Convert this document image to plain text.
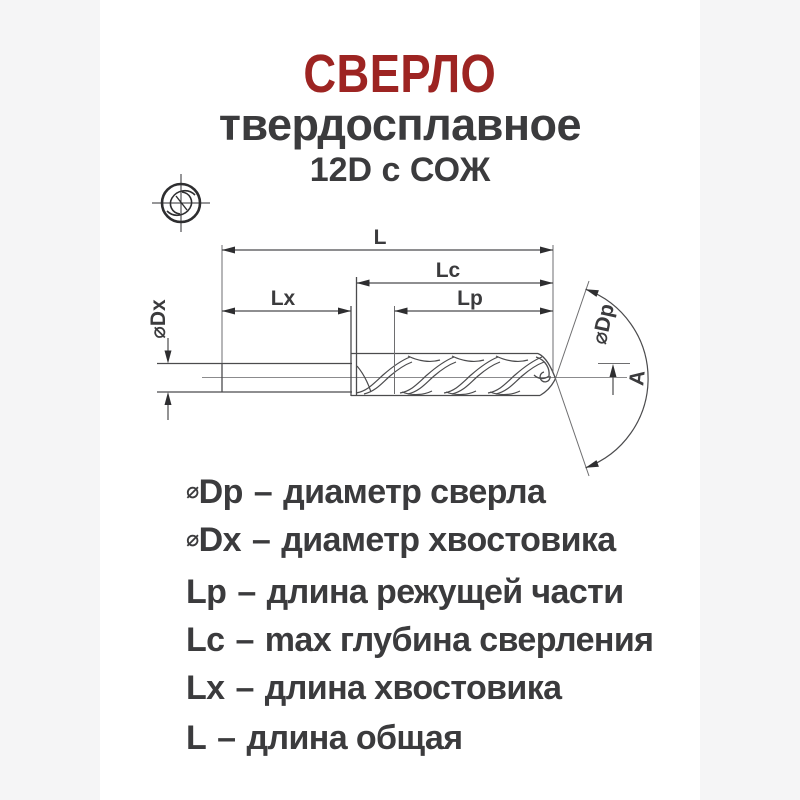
СВЕРЛО
твердосплавное
12D с СОЖ
⌀Dp – диаметр сверла
⌀Dx – диаметр хвостовика
Lp – длина режущей части
Lc – max глубина сверления
Lx – длина хвостовика
L – длина общая
L
Lc
Lx	Lp
⌀Dx
A
⌀Dp
